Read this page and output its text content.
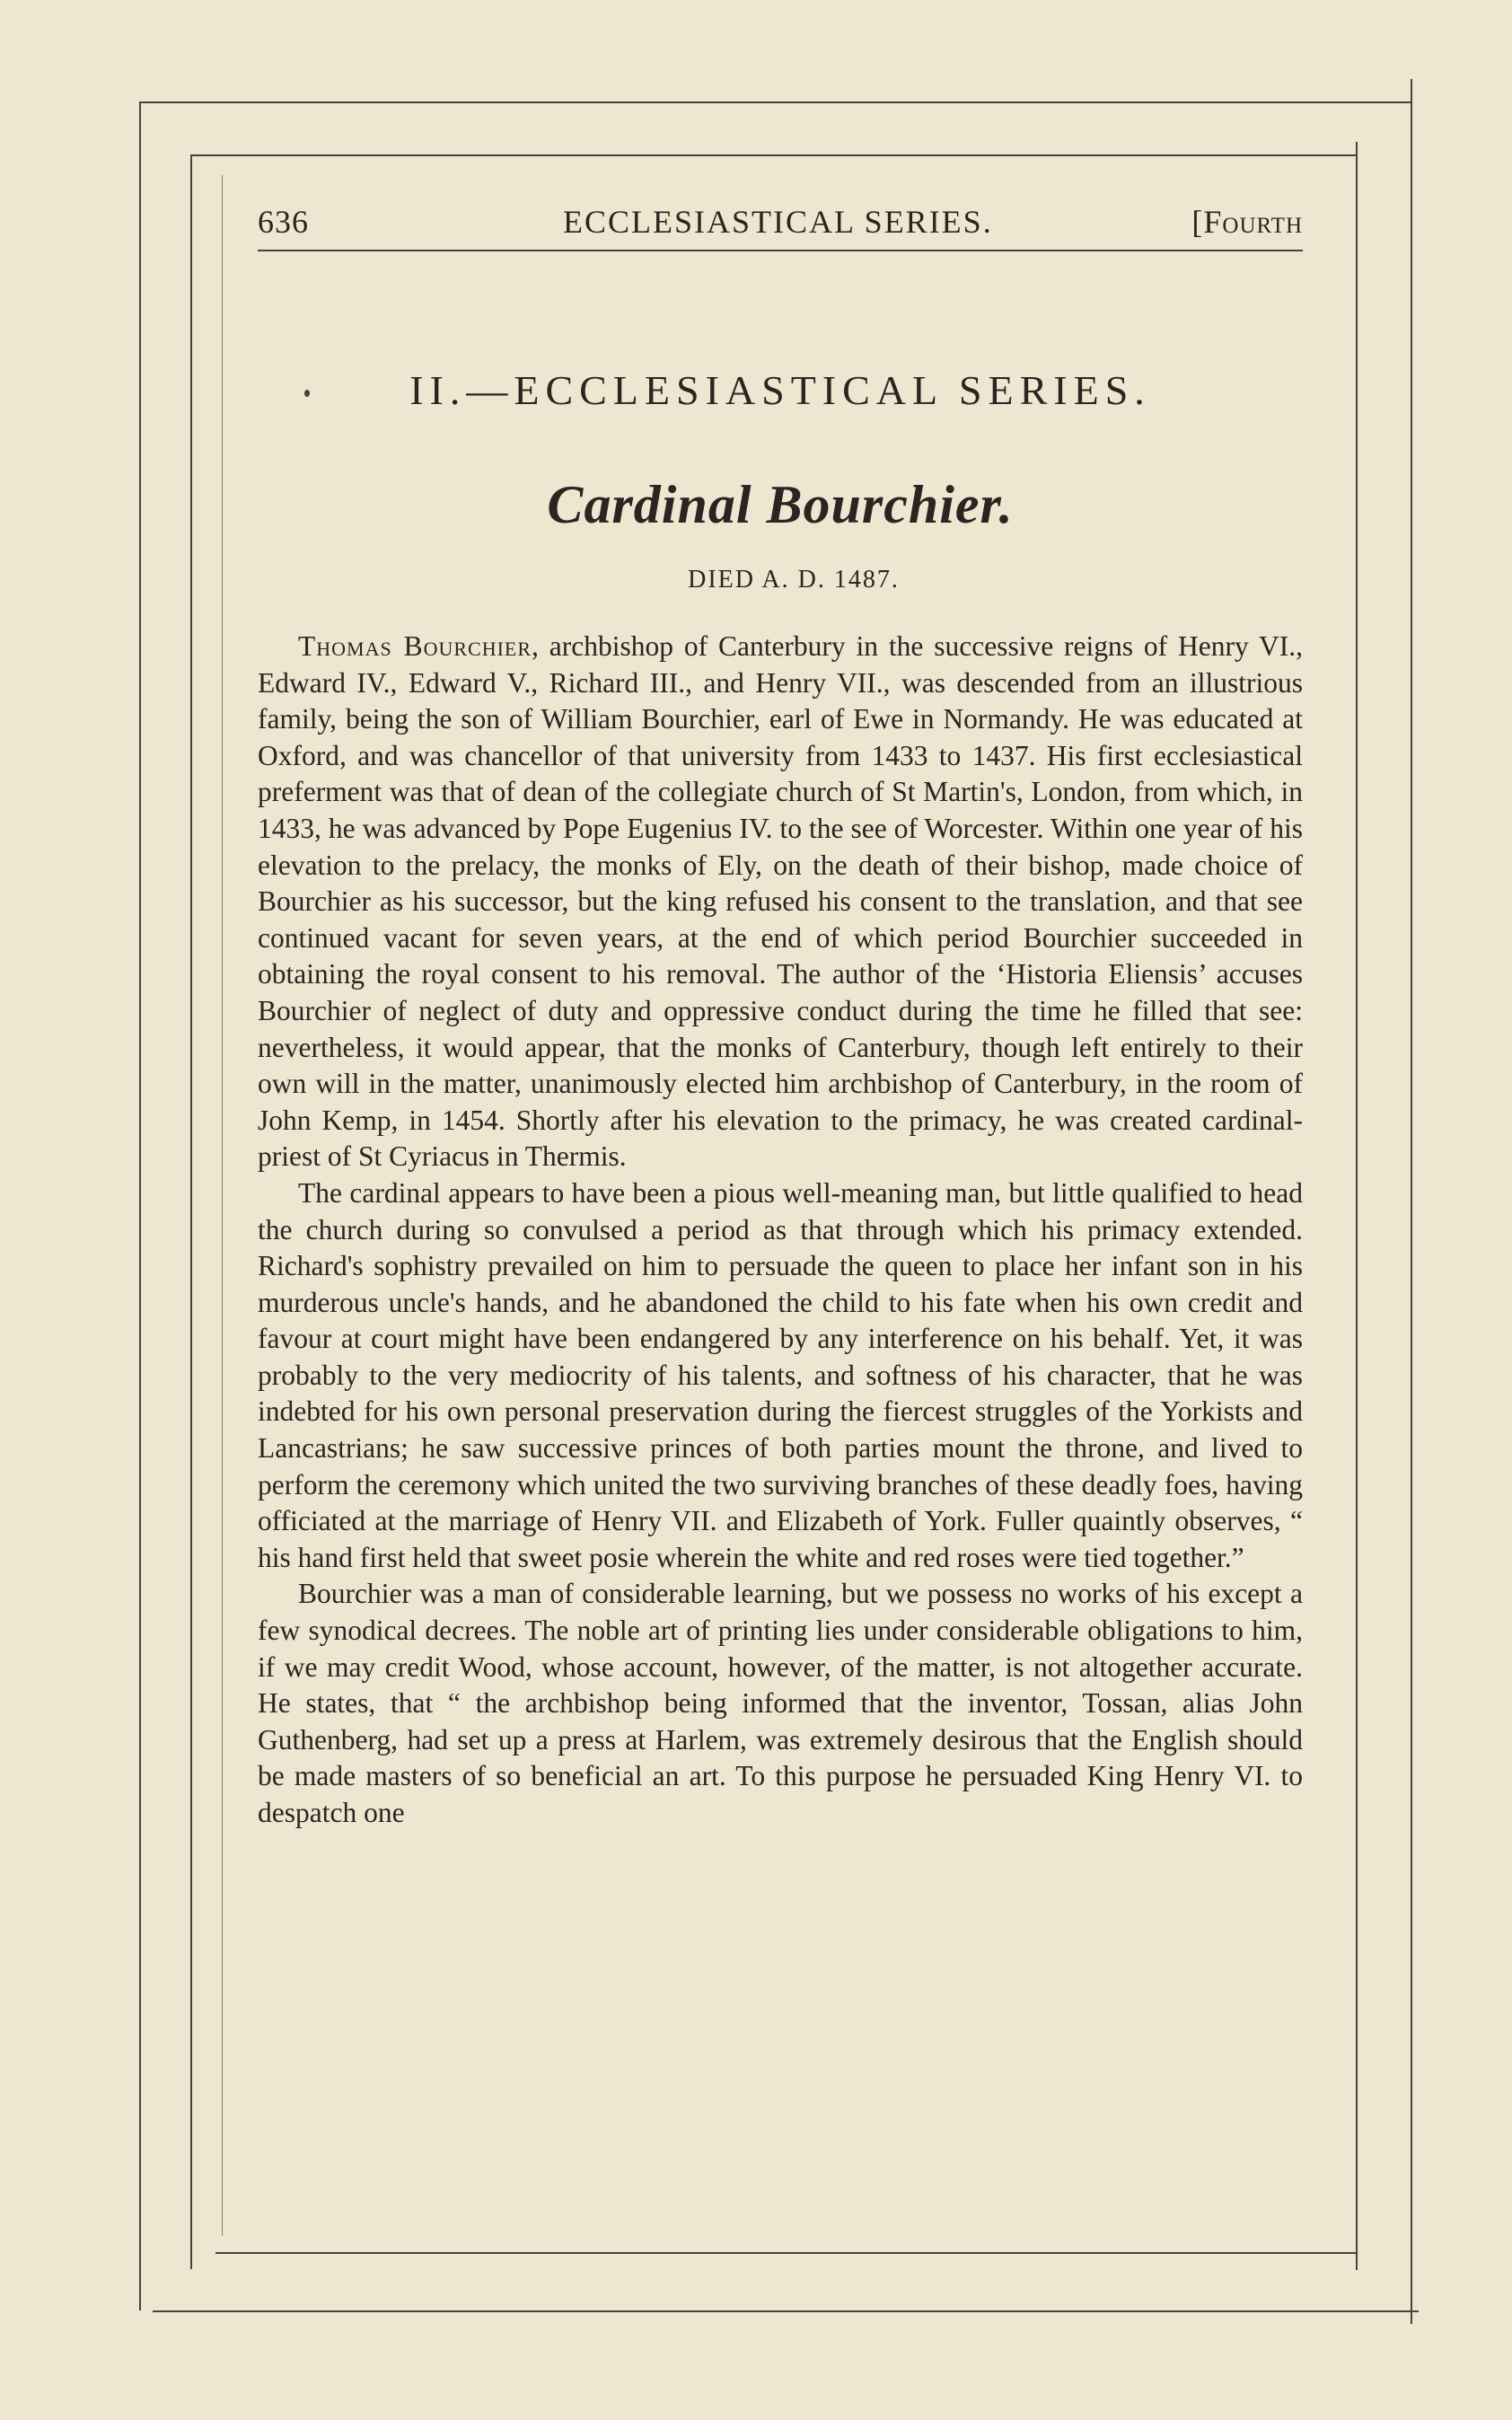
636	ECCLESIASTICAL SERIES.	[Fourth
II.—ECCLESIASTICAL SERIES.
Cardinal Bourchier.
DIED A. D. 1487.

Thomas Bourchier, archbishop of Canterbury in the successive reigns of Henry VI., Edward IV., Edward V., Richard III., and Henry VII., was descended from an illustrious family, being the son of William Bourchier, earl of Ewe in Normandy. He was educated at Oxford, and was chancellor of that university from 1433 to 1437. His first ecclesiastical preferment was that of dean of the collegiate church of St Martin's, London, from which, in 1433, he was advanced by Pope Eugenius IV. to the see of Worcester. Within one year of his elevation to the prelacy, the monks of Ely, on the death of their bishop, made choice of Bourchier as his successor, but the king refused his consent to the translation, and that see continued vacant for seven years, at the end of which period Bourchier succeeded in obtaining the royal consent to his removal. The author of the ‘Historia Eliensis’ accuses Bourchier of neglect of duty and oppressive conduct during the time he filled that see: nevertheless, it would appear, that the monks of Canterbury, though left entirely to their own will in the matter, unanimously elected him archbishop of Canterbury, in the room of John Kemp, in 1454. Shortly after his elevation to the primacy, he was created cardinal-priest of St Cyriacus in Thermis.

The cardinal appears to have been a pious well-meaning man, but little qualified to head the church during so convulsed a period as that through which his primacy extended. Richard's sophistry prevailed on him to persuade the queen to place her infant son in his murderous uncle's hands, and he abandoned the child to his fate when his own credit and favour at court might have been endangered by any interference on his behalf. Yet, it was probably to the very mediocrity of his talents, and softness of his character, that he was indebted for his own personal preservation during the fiercest struggles of the Yorkists and Lancastrians; he saw successive princes of both parties mount the throne, and lived to perform the ceremony which united the two surviving branches of these deadly foes, having officiated at the marriage of Henry VII. and Elizabeth of York. Fuller quaintly observes, “ his hand first held that sweet posie wherein the white and red roses were tied together.”

Bourchier was a man of considerable learning, but we possess no works of his except a few synodical decrees. The noble art of printing lies under considerable obligations to him, if we may credit Wood, whose account, however, of the matter, is not altogether accurate. He states, that “ the archbishop being informed that the inventor, Tossan, alias John Guthenberg, had set up a press at Harlem, was extremely desirous that the English should be made masters of so beneficial an art. To this purpose he persuaded King Henry VI. to despatch one
